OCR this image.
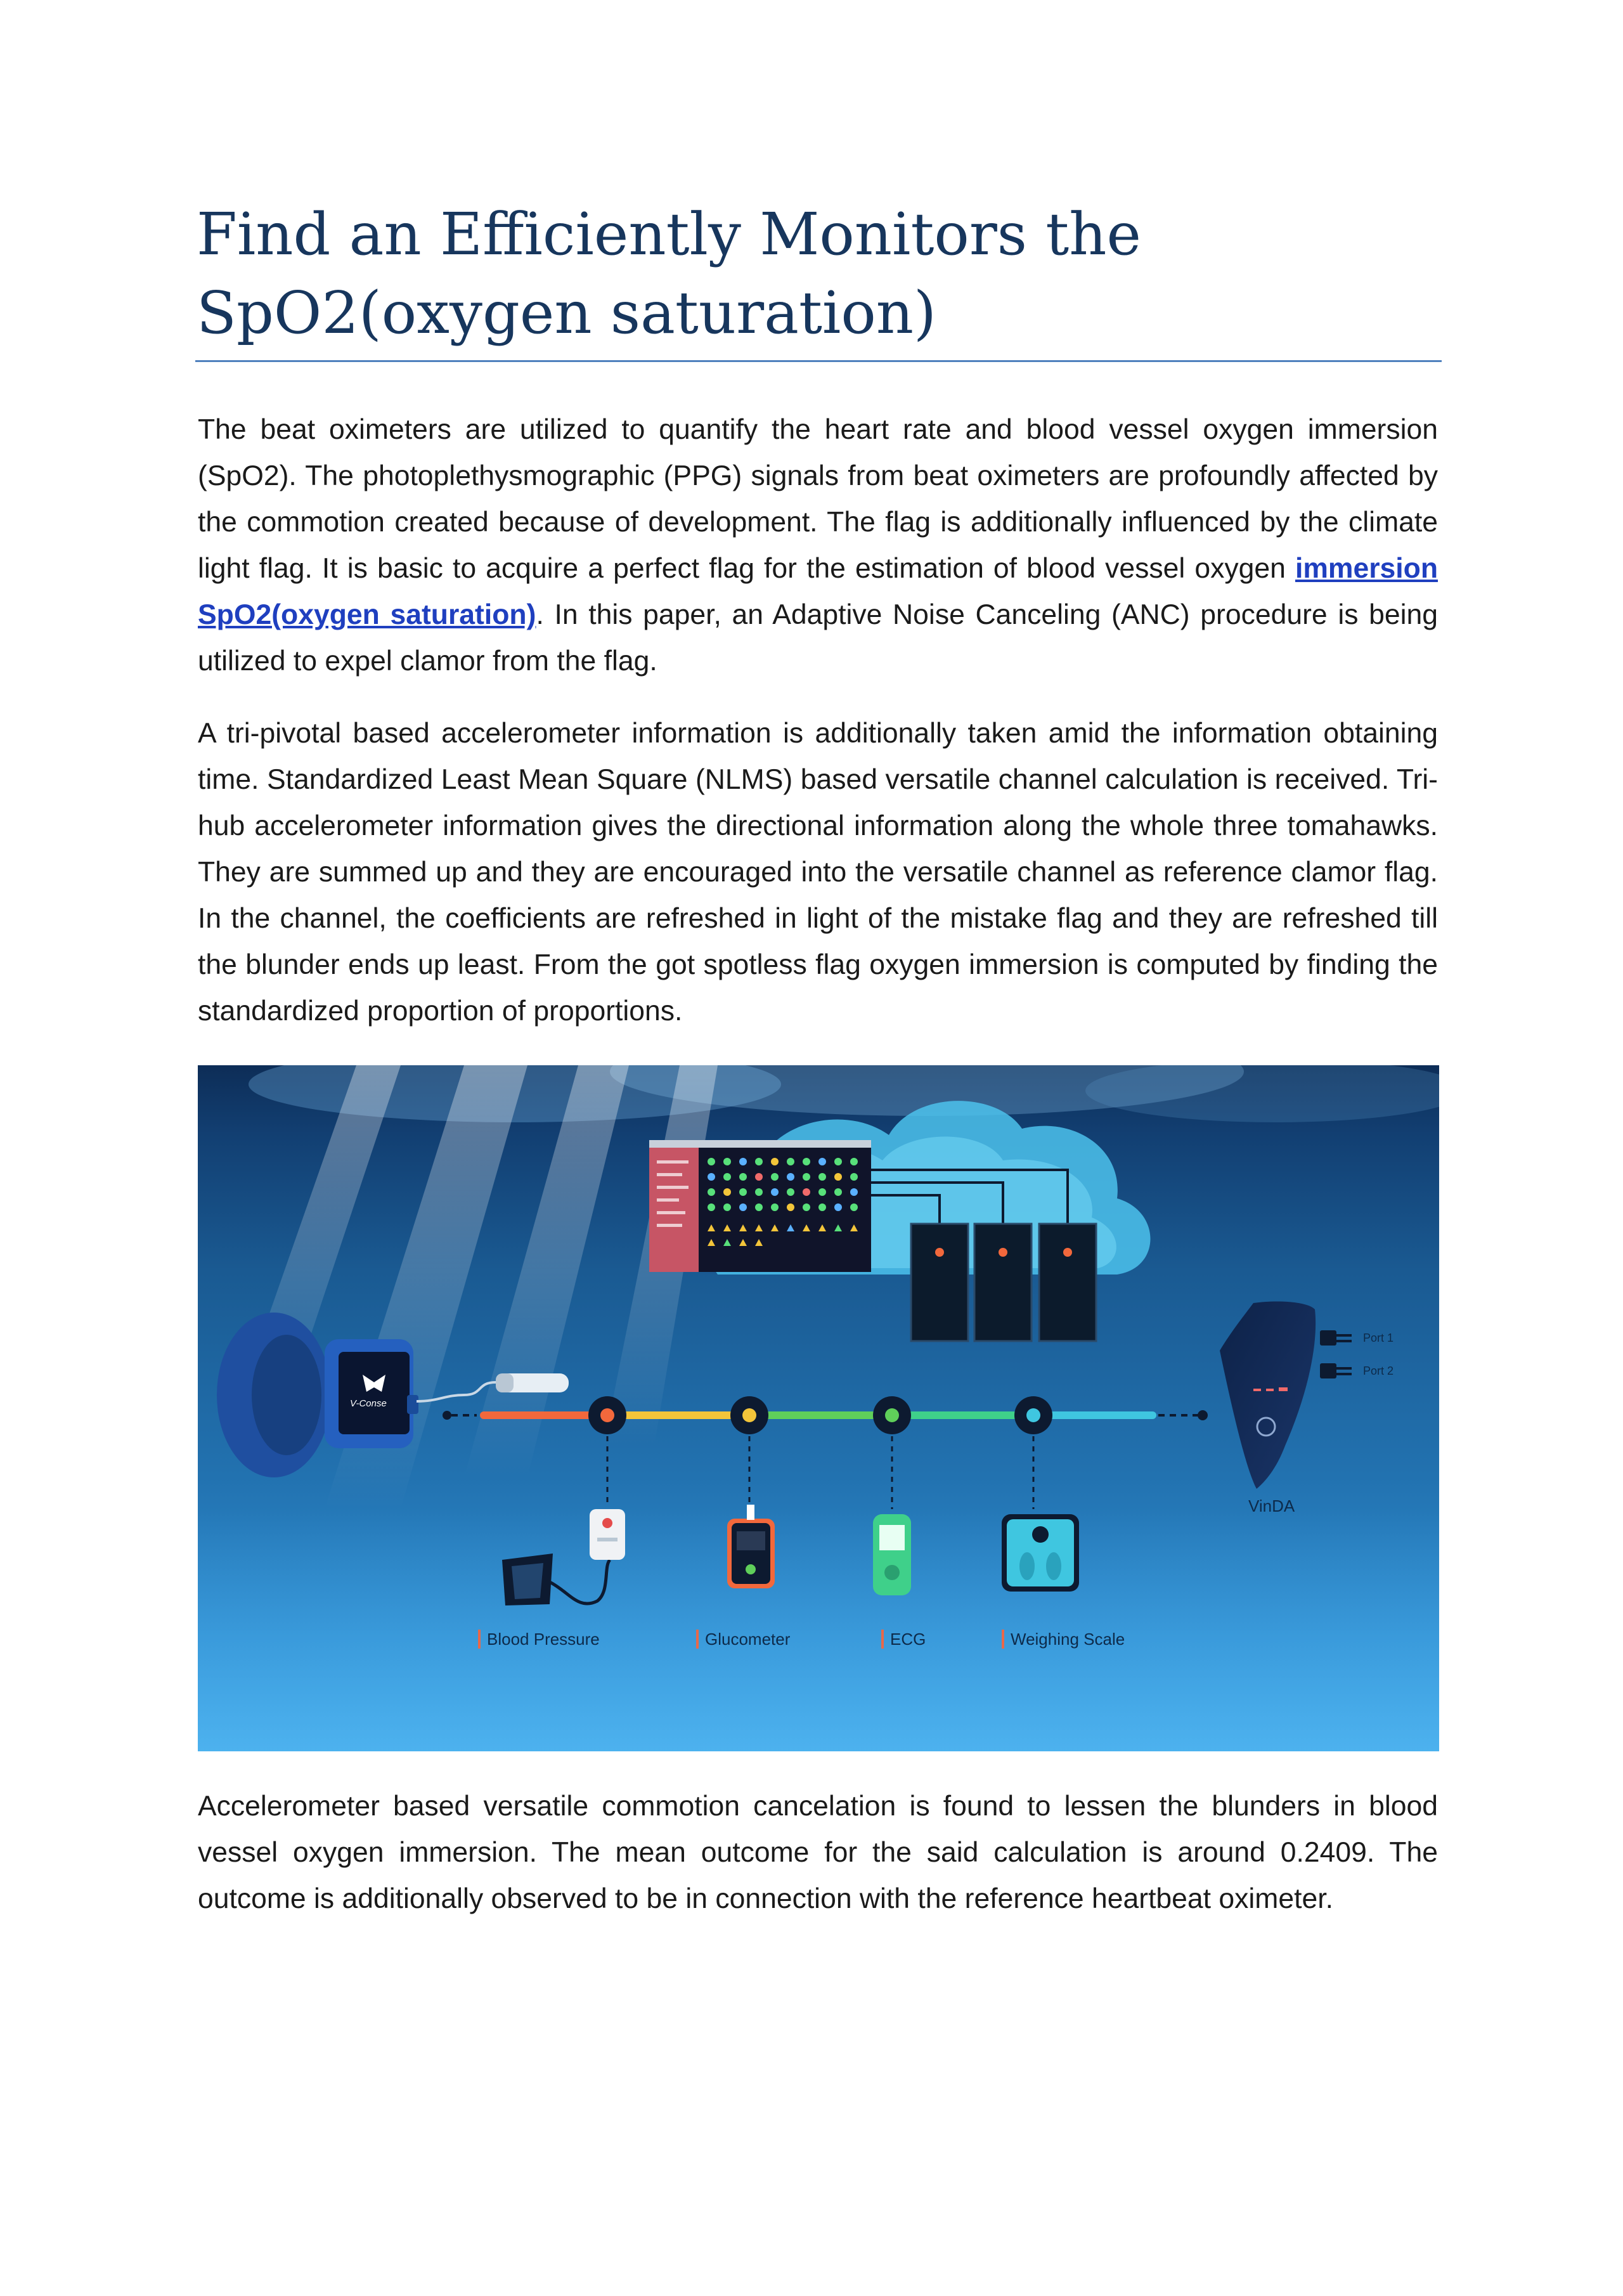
Find an Efficiently Monitors the
SpO2(oxygen saturation)

The beat oximeters are utilized to quantify the heart rate and blood vessel oxygen immersion (SpO2). The photoplethysmographic (PPG) signals from beat oximeters are profoundly affected by the commotion created because of development. The flag is additionally influenced by the climate light flag. It is basic to acquire a perfect flag for the estimation of blood vessel oxygen immersion SpO2(oxygen saturation). In this paper, an Adaptive Noise Canceling (ANC) procedure is being utilized to expel clamor from the flag.

A tri-pivotal based accelerometer information is additionally taken amid the information obtaining time. Standardized Least Mean Square (NLMS) based versatile channel calculation is received. Tri-hub accelerometer information gives the directional information along the whole three tomahawks. They are summed up and they are encouraged into the versatile channel as reference clamor flag. In the channel, the coefficients are refreshed in light of the mistake flag and they are refreshed till the blunder ends up least. From the got spotless flag oxygen immersion is computed by finding the standardized proportion of proportions.

Blood Pressure	Glucometer	ECG	Weighing Scale
VinDA
Port 1
Port 2
V-Conse

Accelerometer based versatile commotion cancelation is found to lessen the blunders in blood vessel oxygen immersion. The mean outcome for the said calculation is around 0.2409. The outcome is additionally observed to be in connection with the reference heartbeat oximeter.
